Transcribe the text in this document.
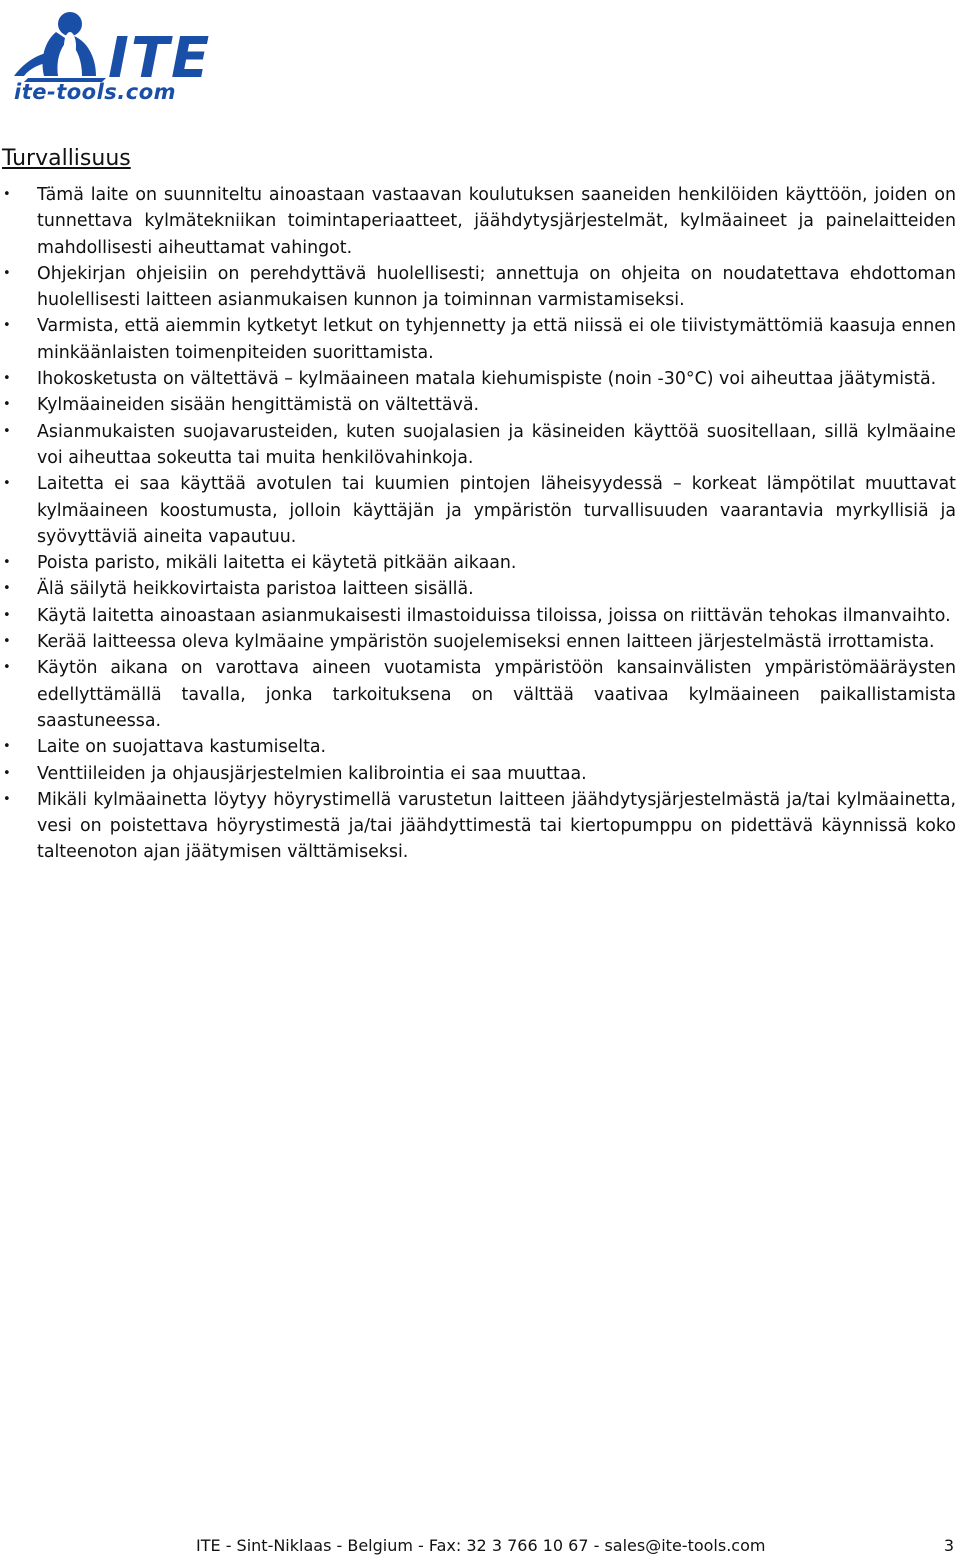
ITE
ite-tools.com
Turvallisuus
• Tämä laite on suunniteltu ainoastaan vastaavan koulutuksen saaneiden henkilöiden käyttöön, joiden on tunnettava kylmätekniikan toimintaperiaatteet, jäähdytysjärjestelmät, kylmäaineet ja painelaitteiden mahdollisesti aiheuttamat vahingot.
• Ohjekirjan ohjeisiin on perehdyttävä huolellisesti; annettuja on ohjeita on noudatettava ehdottoman huolellisesti laitteen asianmukaisen kunnon ja toiminnan varmistamiseksi.
• Varmista, että aiemmin kytketyt letkut on tyhjennetty ja että niissä ei ole tiivistymättömiä kaasuja ennen minkäänlaisten toimenpiteiden suorittamista.
• Ihokosketusta on vältettävä – kylmäaineen matala kiehumispiste (noin -30°C) voi aiheuttaa jäätymistä.
• Kylmäaineiden sisään hengittämistä on vältettävä.
• Asianmukaisten suojavarusteiden, kuten suojalasien ja käsineiden käyttöä suositellaan, sillä kylmäaine voi aiheuttaa sokeutta tai muita henkilövahinkoja.
• Laitetta ei saa käyttää avotulen tai kuumien pintojen läheisyydessä – korkeat lämpötilat muuttavat kylmäaineen koostumusta, jolloin käyttäjän ja ympäristön turvallisuuden vaarantavia myrkyllisiä ja syövyttäviä aineita vapautuu.
• Poista paristo, mikäli laitetta ei käytetä pitkään aikaan.
• Älä säilytä heikkovirtaista paristoa laitteen sisällä.
• Käytä laitetta ainoastaan asianmukaisesti ilmastoiduissa tiloissa, joissa on riittävän tehokas ilmanvaihto.
• Kerää laitteessa oleva kylmäaine ympäristön suojelemiseksi ennen laitteen järjestelmästä irrottamista.
• Käytön aikana on varottava aineen vuotamista ympäristöön kansainvälisten ympäristömääräysten edellyttämällä tavalla, jonka tarkoituksena on välttää vaativaa kylmäaineen paikallistamista saastuneessa.
• Laite on suojattava kastumiselta.
• Venttiileiden ja ohjausjärjestelmien kalibrointia ei saa muuttaa.
• Mikäli kylmäainetta löytyy höyrystimellä varustetun laitteen jäähdytysjärjestelmästä ja/tai kylmäainetta, vesi on poistettava höyrystimestä ja/tai jäähdyttimestä tai kiertopumppu on pidettävä käynnissä koko talteenoton ajan jäätymisen välttämiseksi.
ITE - Sint-Niklaas - Belgium - Fax: 32 3 766 10 67 - sales@ite-tools.com	3
